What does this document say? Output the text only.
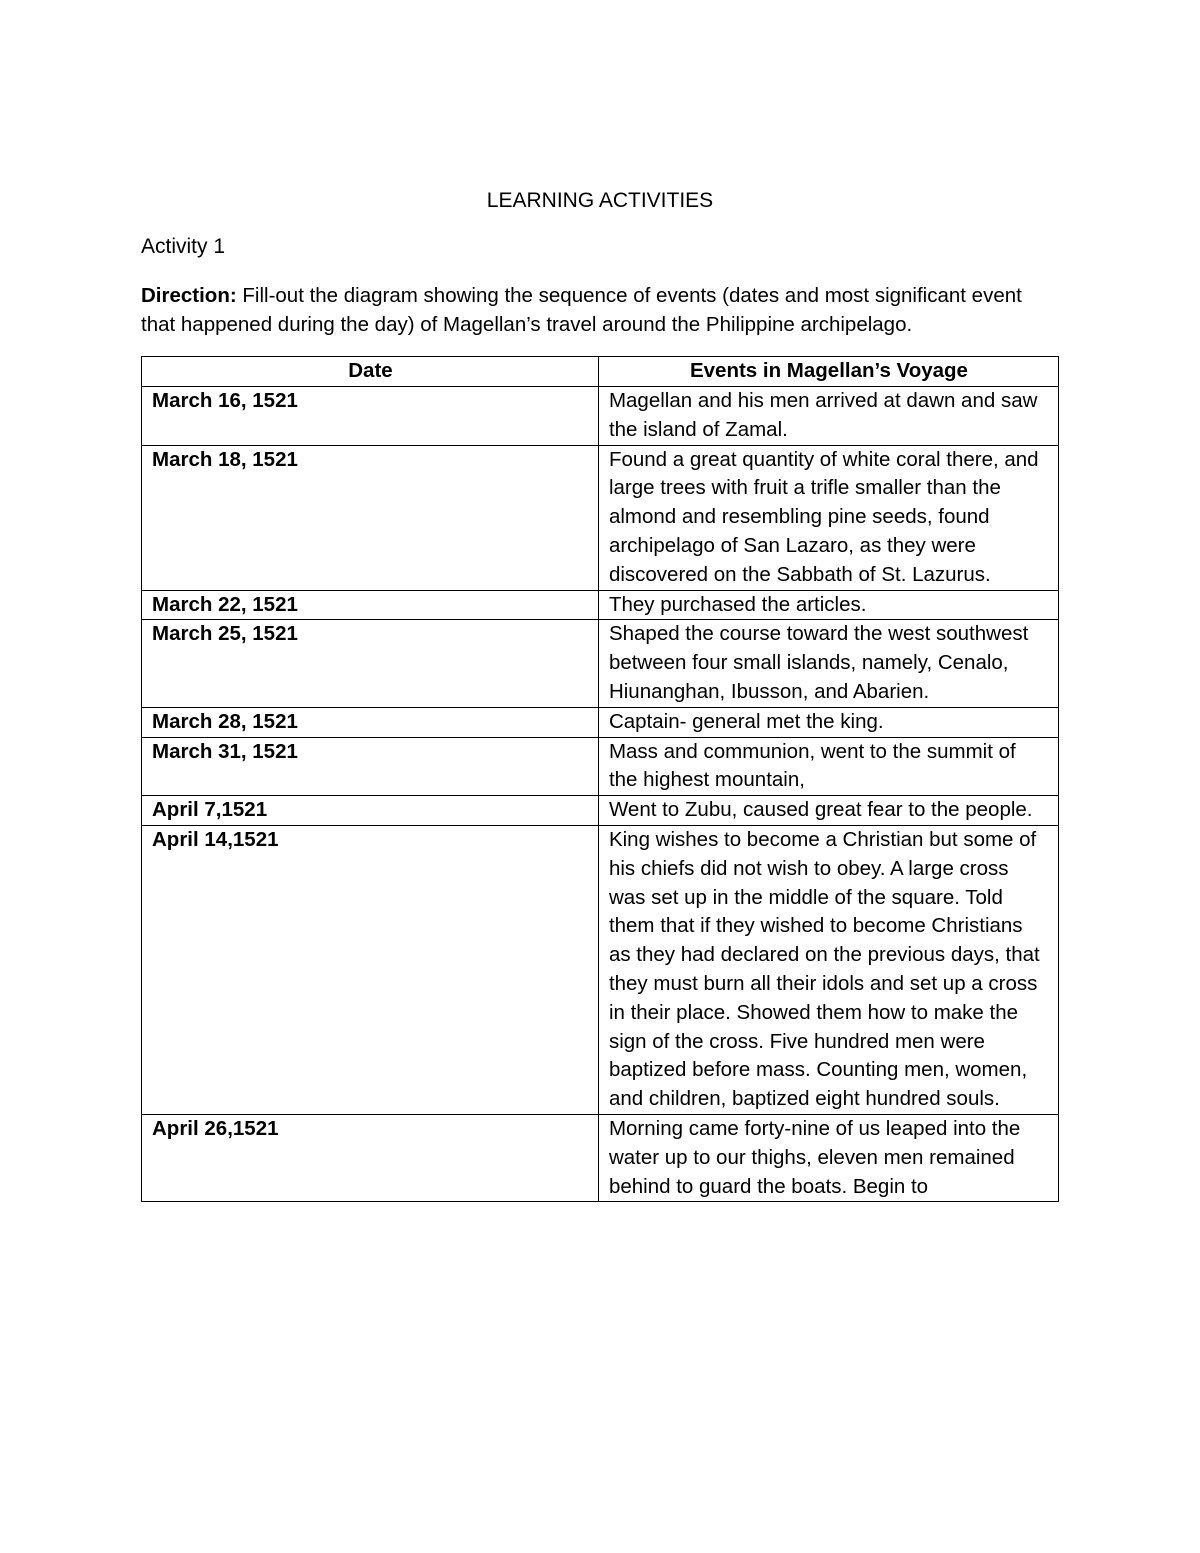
LEARNING ACTIVITIES
Activity 1
Direction: Fill-out the diagram showing the sequence of events (dates and most significant event that happened during the day) of Magellan’s travel around the Philippine archipelago.
Date	Events in Magellan’s Voyage
March 16, 1521	Magellan and his men arrived at dawn and saw the island of Zamal.
March 18, 1521	Found a great quantity of white coral there, and large trees with fruit a trifle smaller than the almond and resembling pine seeds, found archipelago of San Lazaro, as they were discovered on the Sabbath of St. Lazurus.
March 22, 1521	They purchased the articles.
March 25, 1521	Shaped the course toward the west southwest between four small islands, namely, Cenalo, Hiunanghan, Ibusson, and Abarien.
March 28, 1521	Captain- general met the king.
March 31, 1521	Mass and communion, went to the summit of the highest mountain,
April 7,1521	Went to Zubu, caused great fear to the people.
April 14,1521	King wishes to become a Christian but some of his chiefs did not wish to obey. A large cross was set up in the middle of the square. Told them that if they wished to become Christians as they had declared on the previous days, that they must burn all their idols and set up a cross in their place. Showed them how to make the sign of the cross. Five hundred men were baptized before mass. Counting men, women, and children, baptized eight hundred souls.
April 26,1521	Morning came forty-nine of us leaped into the water up to our thighs, eleven men remained behind to guard the boats. Begin to
